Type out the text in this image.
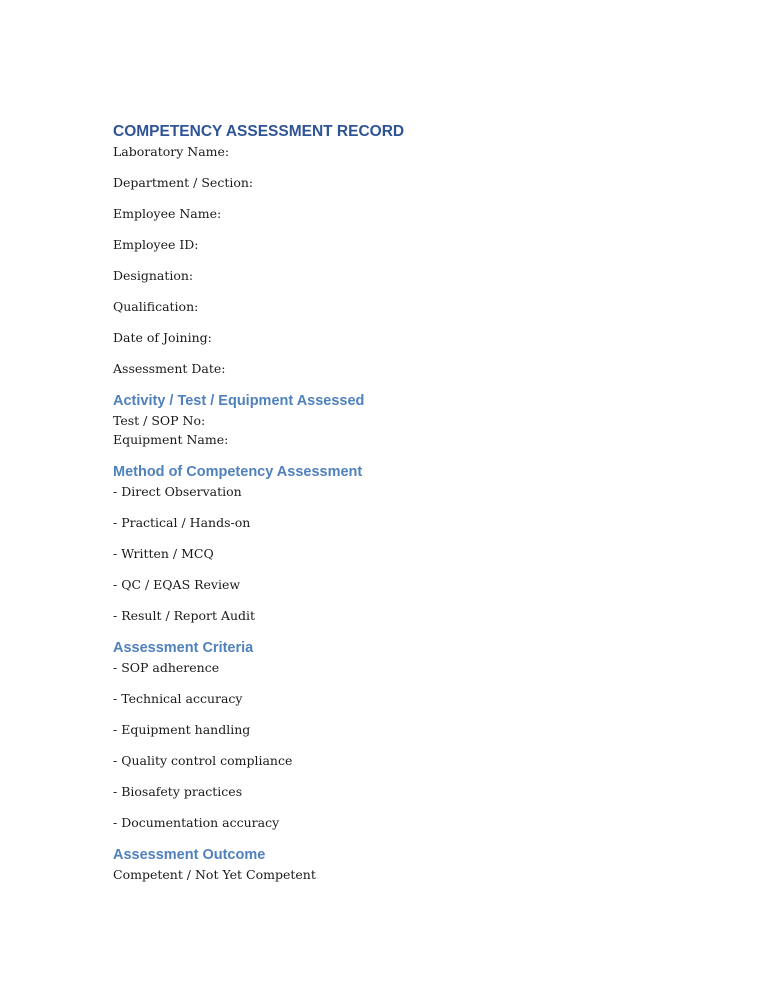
COMPETENCY ASSESSMENT RECORD

Laboratory Name:

Department / Section:

Employee Name:

Employee ID:

Designation:

Qualification:

Date of Joining:

Assessment Date:

Activity / Test / Equipment Assessed

Test / SOP No:

Equipment Name:

Method of Competency Assessment

- Direct Observation

- Practical / Hands-on

- Written / MCQ

- QC / EQAS Review

- Result / Report Audit

Assessment Criteria

- SOP adherence

- Technical accuracy

- Equipment handling

- Quality control compliance

- Biosafety practices

- Documentation accuracy

Assessment Outcome

Competent / Not Yet Competent
